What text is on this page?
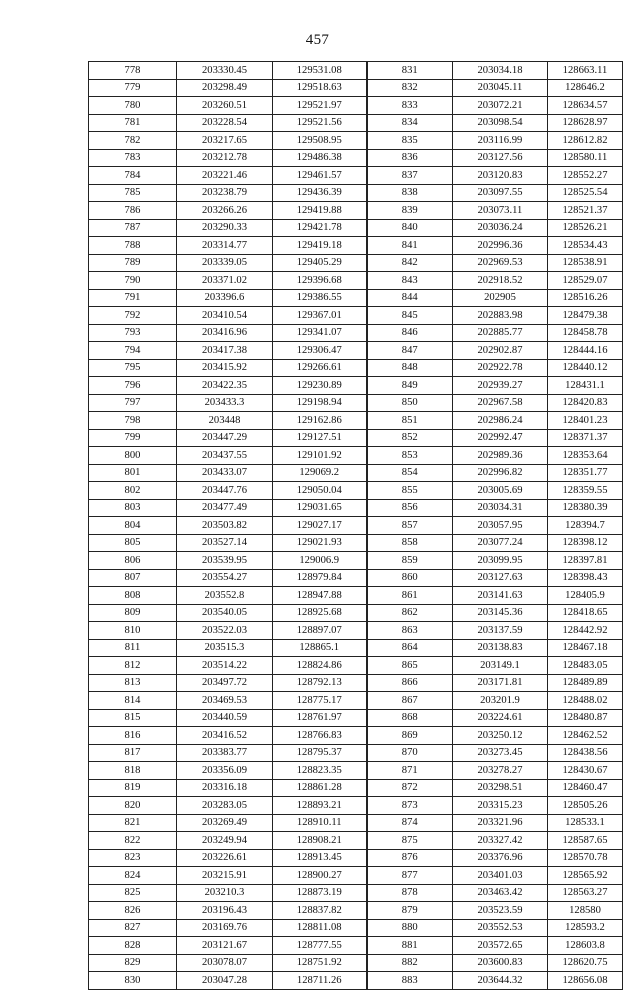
457
778	203330.45	129531.08	831	203034.18	128663.11
779	203298.49	129518.63	832	203045.11	128646.2
780	203260.51	129521.97	833	203072.21	128634.57
781	203228.54	129521.56	834	203098.54	128628.97
782	203217.65	129508.95	835	203116.99	128612.82
783	203212.78	129486.38	836	203127.56	128580.11
784	203221.46	129461.57	837	203120.83	128552.27
785	203238.79	129436.39	838	203097.55	128525.54
786	203266.26	129419.88	839	203073.11	128521.37
787	203290.33	129421.78	840	203036.24	128526.21
788	203314.77	129419.18	841	202996.36	128534.43
789	203339.05	129405.29	842	202969.53	128538.91
790	203371.02	129396.68	843	202918.52	128529.07
791	203396.6	129386.55	844	202905	128516.26
792	203410.54	129367.01	845	202883.98	128479.38
793	203416.96	129341.07	846	202885.77	128458.78
794	203417.38	129306.47	847	202902.87	128444.16
795	203415.92	129266.61	848	202922.78	128440.12
796	203422.35	129230.89	849	202939.27	128431.1
797	203433.3	129198.94	850	202967.58	128420.83
798	203448	129162.86	851	202986.24	128401.23
799	203447.29	129127.51	852	202992.47	128371.37
800	203437.55	129101.92	853	202989.36	128353.64
801	203433.07	129069.2	854	202996.82	128351.77
802	203447.76	129050.04	855	203005.69	128359.55
803	203477.49	129031.65	856	203034.31	128380.39
804	203503.82	129027.17	857	203057.95	128394.7
805	203527.14	129021.93	858	203077.24	128398.12
806	203539.95	129006.9	859	203099.95	128397.81
807	203554.27	128979.84	860	203127.63	128398.43
808	203552.8	128947.88	861	203141.63	128405.9
809	203540.05	128925.68	862	203145.36	128418.65
810	203522.03	128897.07	863	203137.59	128442.92
811	203515.3	128865.1	864	203138.83	128467.18
812	203514.22	128824.86	865	203149.1	128483.05
813	203497.72	128792.13	866	203171.81	128489.89
814	203469.53	128775.17	867	203201.9	128488.02
815	203440.59	128761.97	868	203224.61	128480.87
816	203416.52	128766.83	869	203250.12	128462.52
817	203383.77	128795.37	870	203273.45	128438.56
818	203356.09	128823.35	871	203278.27	128430.67
819	203316.18	128861.28	872	203298.51	128460.47
820	203283.05	128893.21	873	203315.23	128505.26
821	203269.49	128910.11	874	203321.96	128533.1
822	203249.94	128908.21	875	203327.42	128587.65
823	203226.61	128913.45	876	203376.96	128570.78
824	203215.91	128900.27	877	203401.03	128565.92
825	203210.3	128873.19	878	203463.42	128563.27
826	203196.43	128837.82	879	203523.59	128580
827	203169.76	128811.08	880	203552.53	128593.2
828	203121.67	128777.55	881	203572.65	128603.8
829	203078.07	128751.92	882	203600.83	128620.75
830	203047.28	128711.26	883	203644.32	128656.08
